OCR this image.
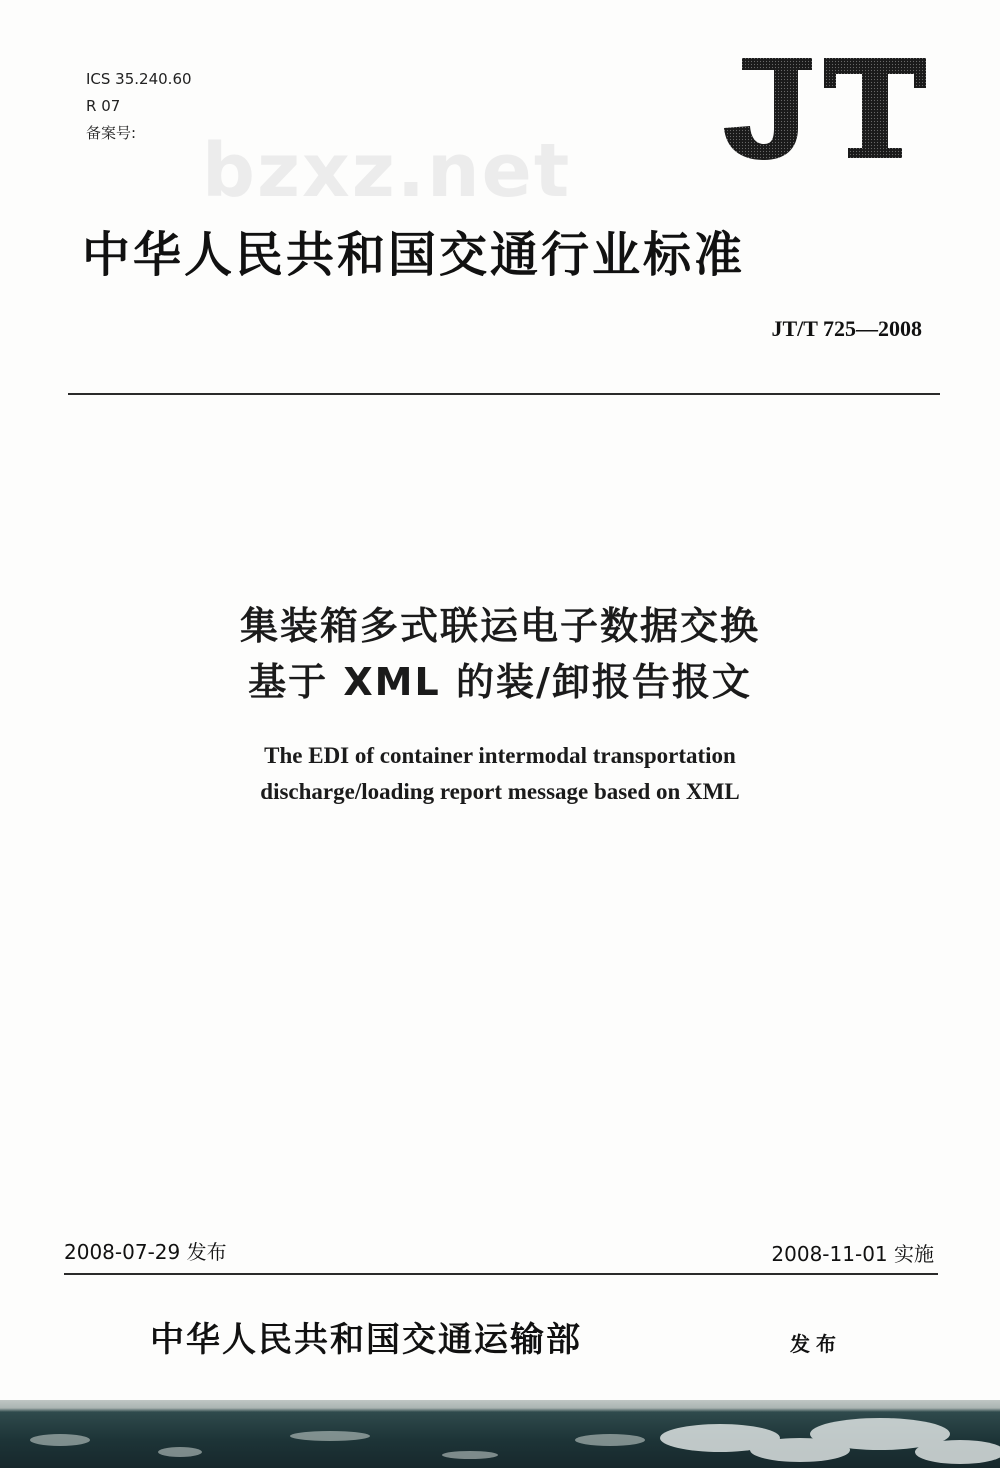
ICS 35.240.60
R 07
备案号: bzxz.net
中华人民共和国交通行业标准
JT/T 725—2008
集装箱多式联运电子数据交换
基于 XML 的装/卸报告报文
The EDI of container intermodal transportation
discharge/loading report message based on XML
2008-07-29 发布	2008-11-01 实施
中华人民共和国交通运输部	发布
